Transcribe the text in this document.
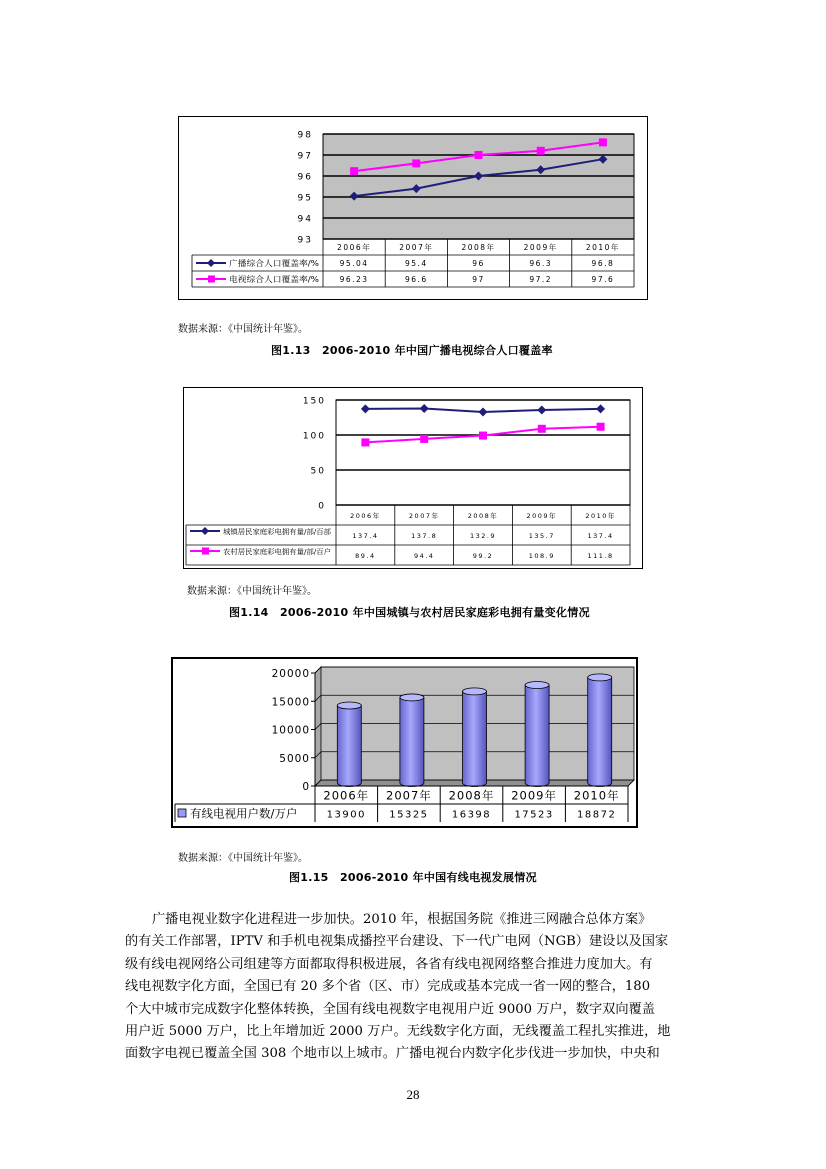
98
97
96
95
94
93
2006年	2007年	2008年	2009年	2010年
广播综合人口覆盖率/%	95.04	95.4	96	96.3	96.8
电视综合人口覆盖率/%	96.23	96.6	97	97.2	97.6
数据来源：《中国统计年鉴》。
图1.13　2006-2010 年中国广播电视综合人口覆盖率
150
100
50
0
2006年	2007年	2008年	2009年	2010年
城镇居民家庭彩电拥有量/部/百部	137.4	137.8	132.9	135.7	137.4
农村居民家庭彩电拥有量/部/百户	89.4	94.4	99.2	108.9	111.8
数据来源：《中国统计年鉴》。
图1.14　2006-2010 年中国城镇与农村居民家庭彩电拥有量变化情况
20000
15000
10000
5000
0
2006年 2007年 2008年 2009年 2010年
有线电视用户数/万户	13900 15325 16398 17523 18872
数据来源：《中国统计年鉴》。
图1.15　2006-2010 年中国有线电视发展情况
广播电视业数字化进程进一步加快。2010 年，根据国务院《推进三网融合总体方案》
的有关工作部署，IPTV 和手机电视集成播控平台建设、下一代广电网（NGB）建设以及国家
级有线电视网络公司组建等方面都取得积极进展，各省有线电视网络整合推进力度加大。有
线电视数字化方面，全国已有 20 多个省（区、市）完成或基本完成一省一网的整合，180
个大中城市完成数字化整体转换，全国有线电视数字电视用户近 9000 万户，数字双向覆盖
用户近 5000 万户，比上年增加近 2000 万户。无线数字化方面，无线覆盖工程扎实推进，地
面数字电视已覆盖全国 308 个地市以上城市。广播电视台内数字化步伐进一步加快，中央和
28
